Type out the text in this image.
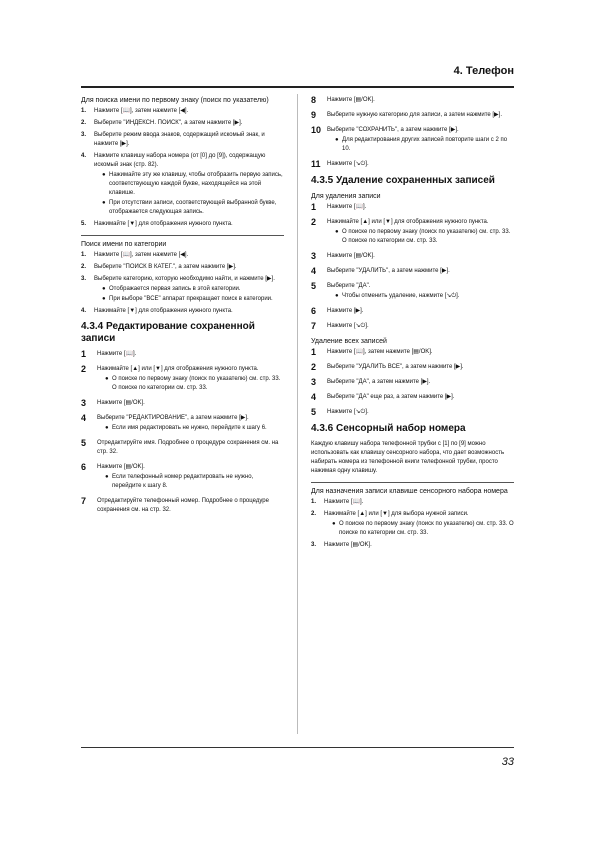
4. Телефон
Для поиска имени по первому знаку (поиск по указателю)
1.	Нажмите [📖], затем нажмите [◀].
2.	Выберите "ИНДЕКСН. ПОИСК", а затем нажмите [▶].
3.	Выберите режим ввода знаков, содержащий искомый знак, и нажмите [▶].
4.	Нажмите клавишу набора номера (от [0] до [9]), содержащую искомый знак (стр. 82).
● Нажимайте эту же клавишу, чтобы отобразить первую запись, соответствующую каждой букве, находящейся на этой клавише.
● При отсутствии записи, соответствующей выбранной букве, отображается следующая запись.
5.	Нажимайте [▼] для отображения нужного пункта.
Поиск имени по категории
1.	Нажмите [📖], затем нажмите [◀].
2.	Выберите "ПОИСК В КАТЕГ.", а затем нажмите [▶].
3.	Выберите категорию, которую необходимо найти, и нажмите [▶].
● Отображается первая запись в этой категории.
● При выборе "ВСЕ" аппарат прекращает поиск в категории.
4.	Нажимайте [▼] для отображения нужного пункта.
4.3.4 Редактирование сохраненной записи
1	Нажмите [📖].
2	Нажимайте [▲] или [▼] для отображения нужного пункта.
● О поиске по первому знаку (поиск по указателю) см. стр. 33. О поиске по категории см. стр. 33.
3	Нажмите [▤/OK].
4	Выберите "РЕДАКТИРОВАНИЕ", а затем нажмите [▶].
● Если имя редактировать не нужно, перейдите к шагу 6.
5	Отредактируйте имя. Подробнее о процедуре сохранения см. на стр. 32.
6	Нажмите [▤/OK].
● Если телефонный номер редактировать не нужно, перейдите к шагу 8.
7	Отредактируйте телефонный номер. Подробнее о процедуре сохранения см. на стр. 32.
8	Нажмите [▤/OK].
9	Выберите нужную категорию для записи, а затем нажмите [▶].
10 Выберите "СОХРАНИТЬ", а затем нажмите [▶].
● Для редактирования других записей повторите шаги с 2 по 10.
11	Нажмите [↘⏻].
4.3.5 Удаление сохраненных записей
Для удаления записи
1	Нажмите [📖].
2	Нажимайте [▲] или [▼] для отображения нужного пункта.
● О поиске по первому знаку (поиск по указателю) см. стр. 33. О поиске по категории см. стр. 33.
3	Нажмите [▤/OK].
4	Выберите "УДАЛИТЬ", а затем нажмите [▶].
5	Выберите "ДА".
● Чтобы отменить удаление, нажмите [↘⏻].
6	Нажмите [▶].
7	Нажмите [↘⏻].
Удаление всех записей
1	Нажмите [📖], затем нажмите [▤/OK].
2	Выберите "УДАЛИТЬ ВСЕ", а затем нажмите [▶].
3	Выберите "ДА", а затем нажмите [▶].
4	Выберите "ДА" еще раз, а затем нажмите [▶].
5	Нажмите [↘⏻].
4.3.6 Сенсорный набор номера
Каждую клавишу набора телефонной трубки с [1] по [9] можно использовать как клавишу сенсорного набора, что дает возможность набирать номера из телефонной книги телефонной трубки, просто нажимая одну клавишу.
Для назначения записи клавише сенсорного набора номера
1.	Нажмите [📖].
2.	Нажимайте [▲] или [▼] для выбора нужной записи.
● О поиске по первому знаку (поиск по указателю) см. стр. 33. О поиске по категории см. стр. 33.
3.	Нажмите [▤/OK].
33
